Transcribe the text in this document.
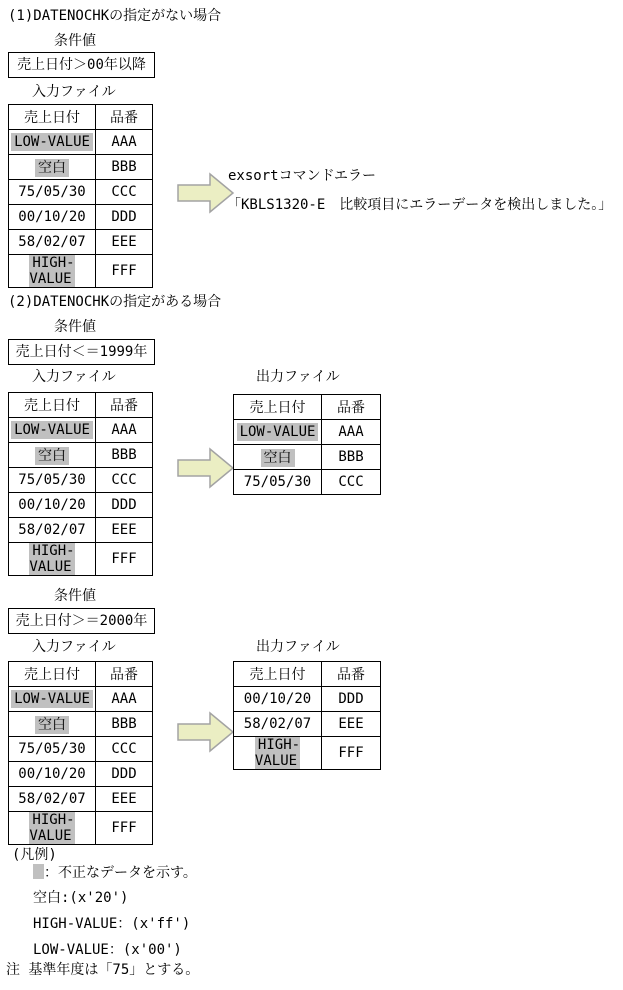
(1)DATENOCHKの指定がない場合
条件値
売上日付＞00年以降
入力ファイル
売上日付	品番
LOW-VALUE	AAA
空白	BBB
75/05/30	CCC
00/10/20	DDD
58/02/07	EEE
HIGH-VALUE	FFF
exsortコマンドエラー
「KBLS1320-E　比較項目にエラーデータを検出しました。」
(2)DATENOCHKの指定がある場合
条件値
売上日付＜＝1999年
入力ファイル	出力ファイル
売上日付	品番
LOW-VALUE	AAA
空白	BBB
75/05/30	CCC
00/10/20	DDD
58/02/07	EEE
HIGH-VALUE	FFF
売上日付	品番
LOW-VALUE	AAA
空白	BBB
75/05/30	CCC
条件値
売上日付＞＝2000年
入力ファイル	出力ファイル
売上日付	品番
LOW-VALUE	AAA
空白	BBB
75/05/30	CCC
00/10/20	DDD
58/02/07	EEE
HIGH-VALUE	FFF
売上日付	品番
00/10/20	DDD
58/02/07	EEE
HIGH-VALUE	FFF
(凡例)
：不正なデータを示す。
空白:(x'20')
HIGH-VALUE：(x'ff')
LOW-VALUE：(x'00')
注 基準年度は「75」とする。
